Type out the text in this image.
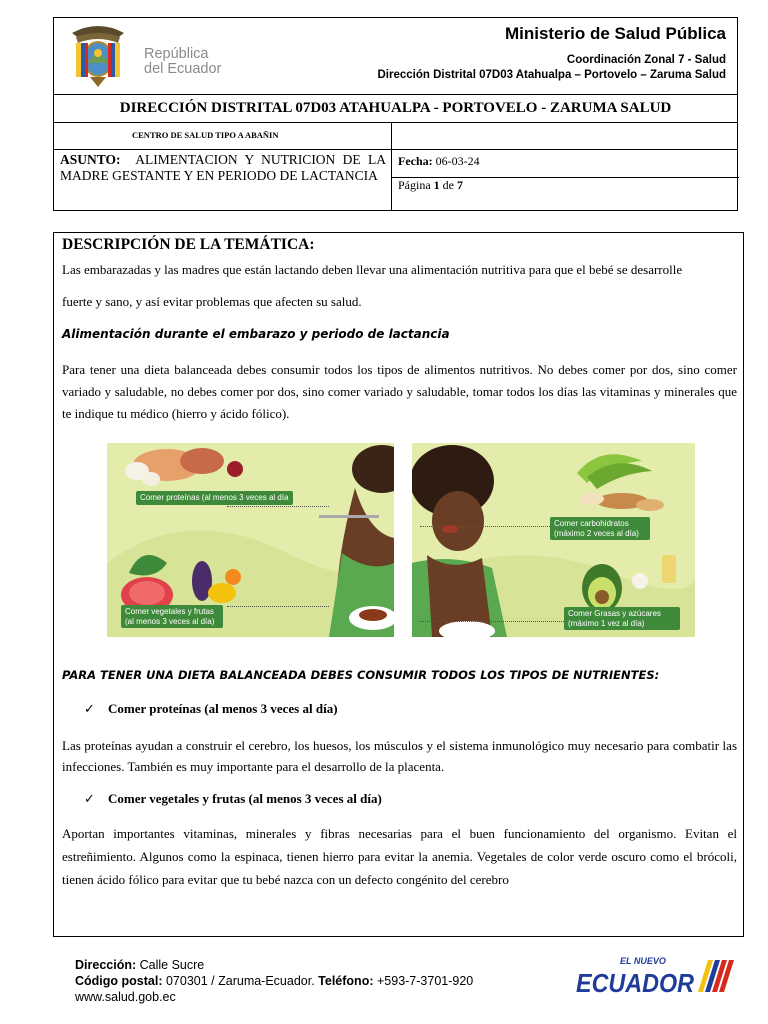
República
del Ecuador
Ministerio de Salud Pública
Coordinación Zonal 7 - Salud
Dirección Distrital 07D03 Atahualpa – Portovelo – Zaruma Salud
DIRECCIÓN DISTRITAL 07D03 ATAHUALPA - PORTOVELO - ZARUMA SALUD
CENTRO DE SALUD TIPO A ABAÑIN
ASUNTO: ALIMENTACION Y NUTRICION DE LA MADRE GESTANTE Y EN PERIODO DE LACTANCIA
Fecha: 06-03-24
Página 1 de 7
DESCRIPCIÓN DE LA TEMÁTICA:
Las embarazadas y las madres que están lactando deben llevar una alimentación nutritiva para que el bebé se desarrolle
fuerte y sano, y así evitar problemas que afecten su salud.
Alimentación durante el embarazo y periodo de lactancia
Para tener una dieta balanceada debes consumir todos los tipos de alimentos nutritivos. No debes comer por dos, sino comer variado y saludable, no debes comer por dos, sino comer variado y saludable, tomar todos los días las vitaminas y minerales que te indique tu médico (hierro y ácido fólico).
Comer proteínas (al menos 3 veces al día
Comer vegetales y frutas (al menos 3 veces al día)
Comer carbohidratos (máximo 2 veces al día)
Comer Grasas y azúcares (máximo 1 vez al día)
PARA TENER UNA DIETA BALANCEADA DEBES CONSUMIR TODOS LOS TIPOS DE NUTRIENTES:
✓ Comer proteínas (al menos 3 veces al día)
Las proteínas ayudan a construir el cerebro, los huesos, los músculos y el sistema inmunológico muy necesario para combatir las infecciones. También es muy importante para el desarrollo de la placenta.
✓ Comer vegetales y frutas (al menos 3 veces al día)
Aportan importantes vitaminas, minerales y fibras necesarias para el buen funcionamiento del organismo. Evitan el estreñimiento. Algunos como la espinaca, tienen hierro para evitar la anemia. Vegetales de color verde oscuro como el brócoli, tienen ácido fólico para evitar que tu bebé nazca con un defecto congénito del cerebro
Dirección: Calle Sucre
Código postal: 070301 / Zaruma-Ecuador. Teléfono: +593-7-3701-920
www.salud.gob.ec
EL NUEVO
ECUADOR
